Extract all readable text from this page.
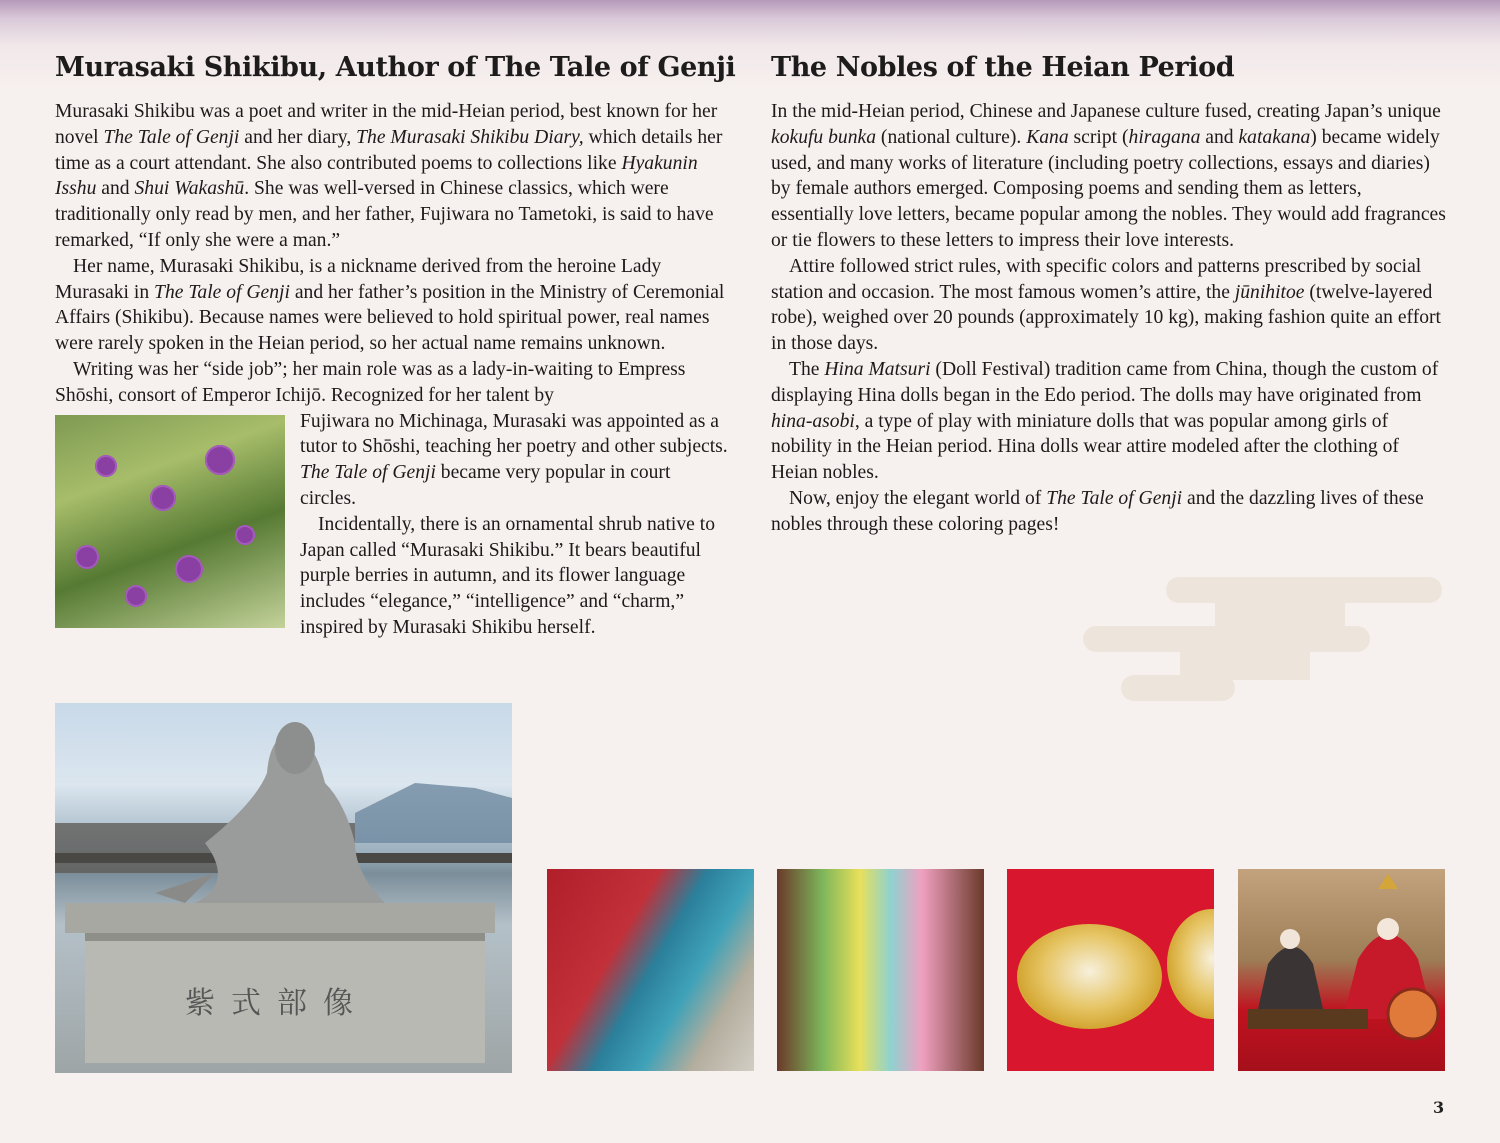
Murasaki Shikibu, Author of The Tale of Genji The Nobles of the Heian Period

Murasaki Shikibu was a poet and writer in the mid-Heian period, best known for her novel The Tale of Genji and her diary, The Murasaki Shikibu Diary, which details her time as a court attendant. She also contributed poems to collections like Hyakunin Isshu and Shui Wakashū. She was well-versed in Chinese classics, which were traditionally only read by men, and her father, Fujiwara no Tametoki, is said to have remarked, “If only she were a man.”

Her name, Murasaki Shikibu, is a nickname derived from the heroine Lady Murasaki in The Tale of Genji and her father’s position in the Ministry of Ceremonial Affairs (Shikibu). Because names were believed to hold spiritual power, real names were rarely spoken in the Heian period, so her actual name remains unknown.

Writing was her “side job”; her main role was as a lady-in-waiting to Empress Shōshi, consort of Emperor Ichijō. Recognized for her talent by

Fujiwara no Michinaga, Murasaki was appointed as a tutor to Shōshi, teaching her poetry and other subjects. The Tale of Genji became very popular in court circles.

Incidentally, there is an ornamental shrub native to Japan called “Murasaki Shikibu.” It bears beautiful purple berries in autumn, and its flower language includes “elegance,” “intelligence” and “charm,” inspired by Murasaki Shikibu herself.

In the mid-Heian period, Chinese and Japanese culture fused, creating Japan’s unique kokufu bunka (national culture). Kana script (hiragana and katakana) became widely used, and many works of literature (including poetry collections, essays and diaries) by female authors emerged. Composing poems and sending them as letters, essentially love letters, became popular among the nobles. They would add fragrances or tie flowers to these letters to impress their love interests.

Attire followed strict rules, with specific colors and patterns prescribed by social station and occasion. The most famous women’s attire, the jūnihitoe (twelve-layered robe), weighed over 20 pounds (approximately 10 kg), making fashion quite an effort in those days.

The Hina Matsuri (Doll Festival) tradition came from China, though the custom of displaying Hina dolls began in the Edo period. The dolls may have originated from hina-asobi, a type of play with miniature dolls that was popular among girls of nobility in the Heian period. Hina dolls wear attire modeled after the clothing of Heian nobles.

Now, enjoy the elegant world of The Tale of Genji and the dazzling lives of these nobles through these coloring pages!

紫式部像
3
